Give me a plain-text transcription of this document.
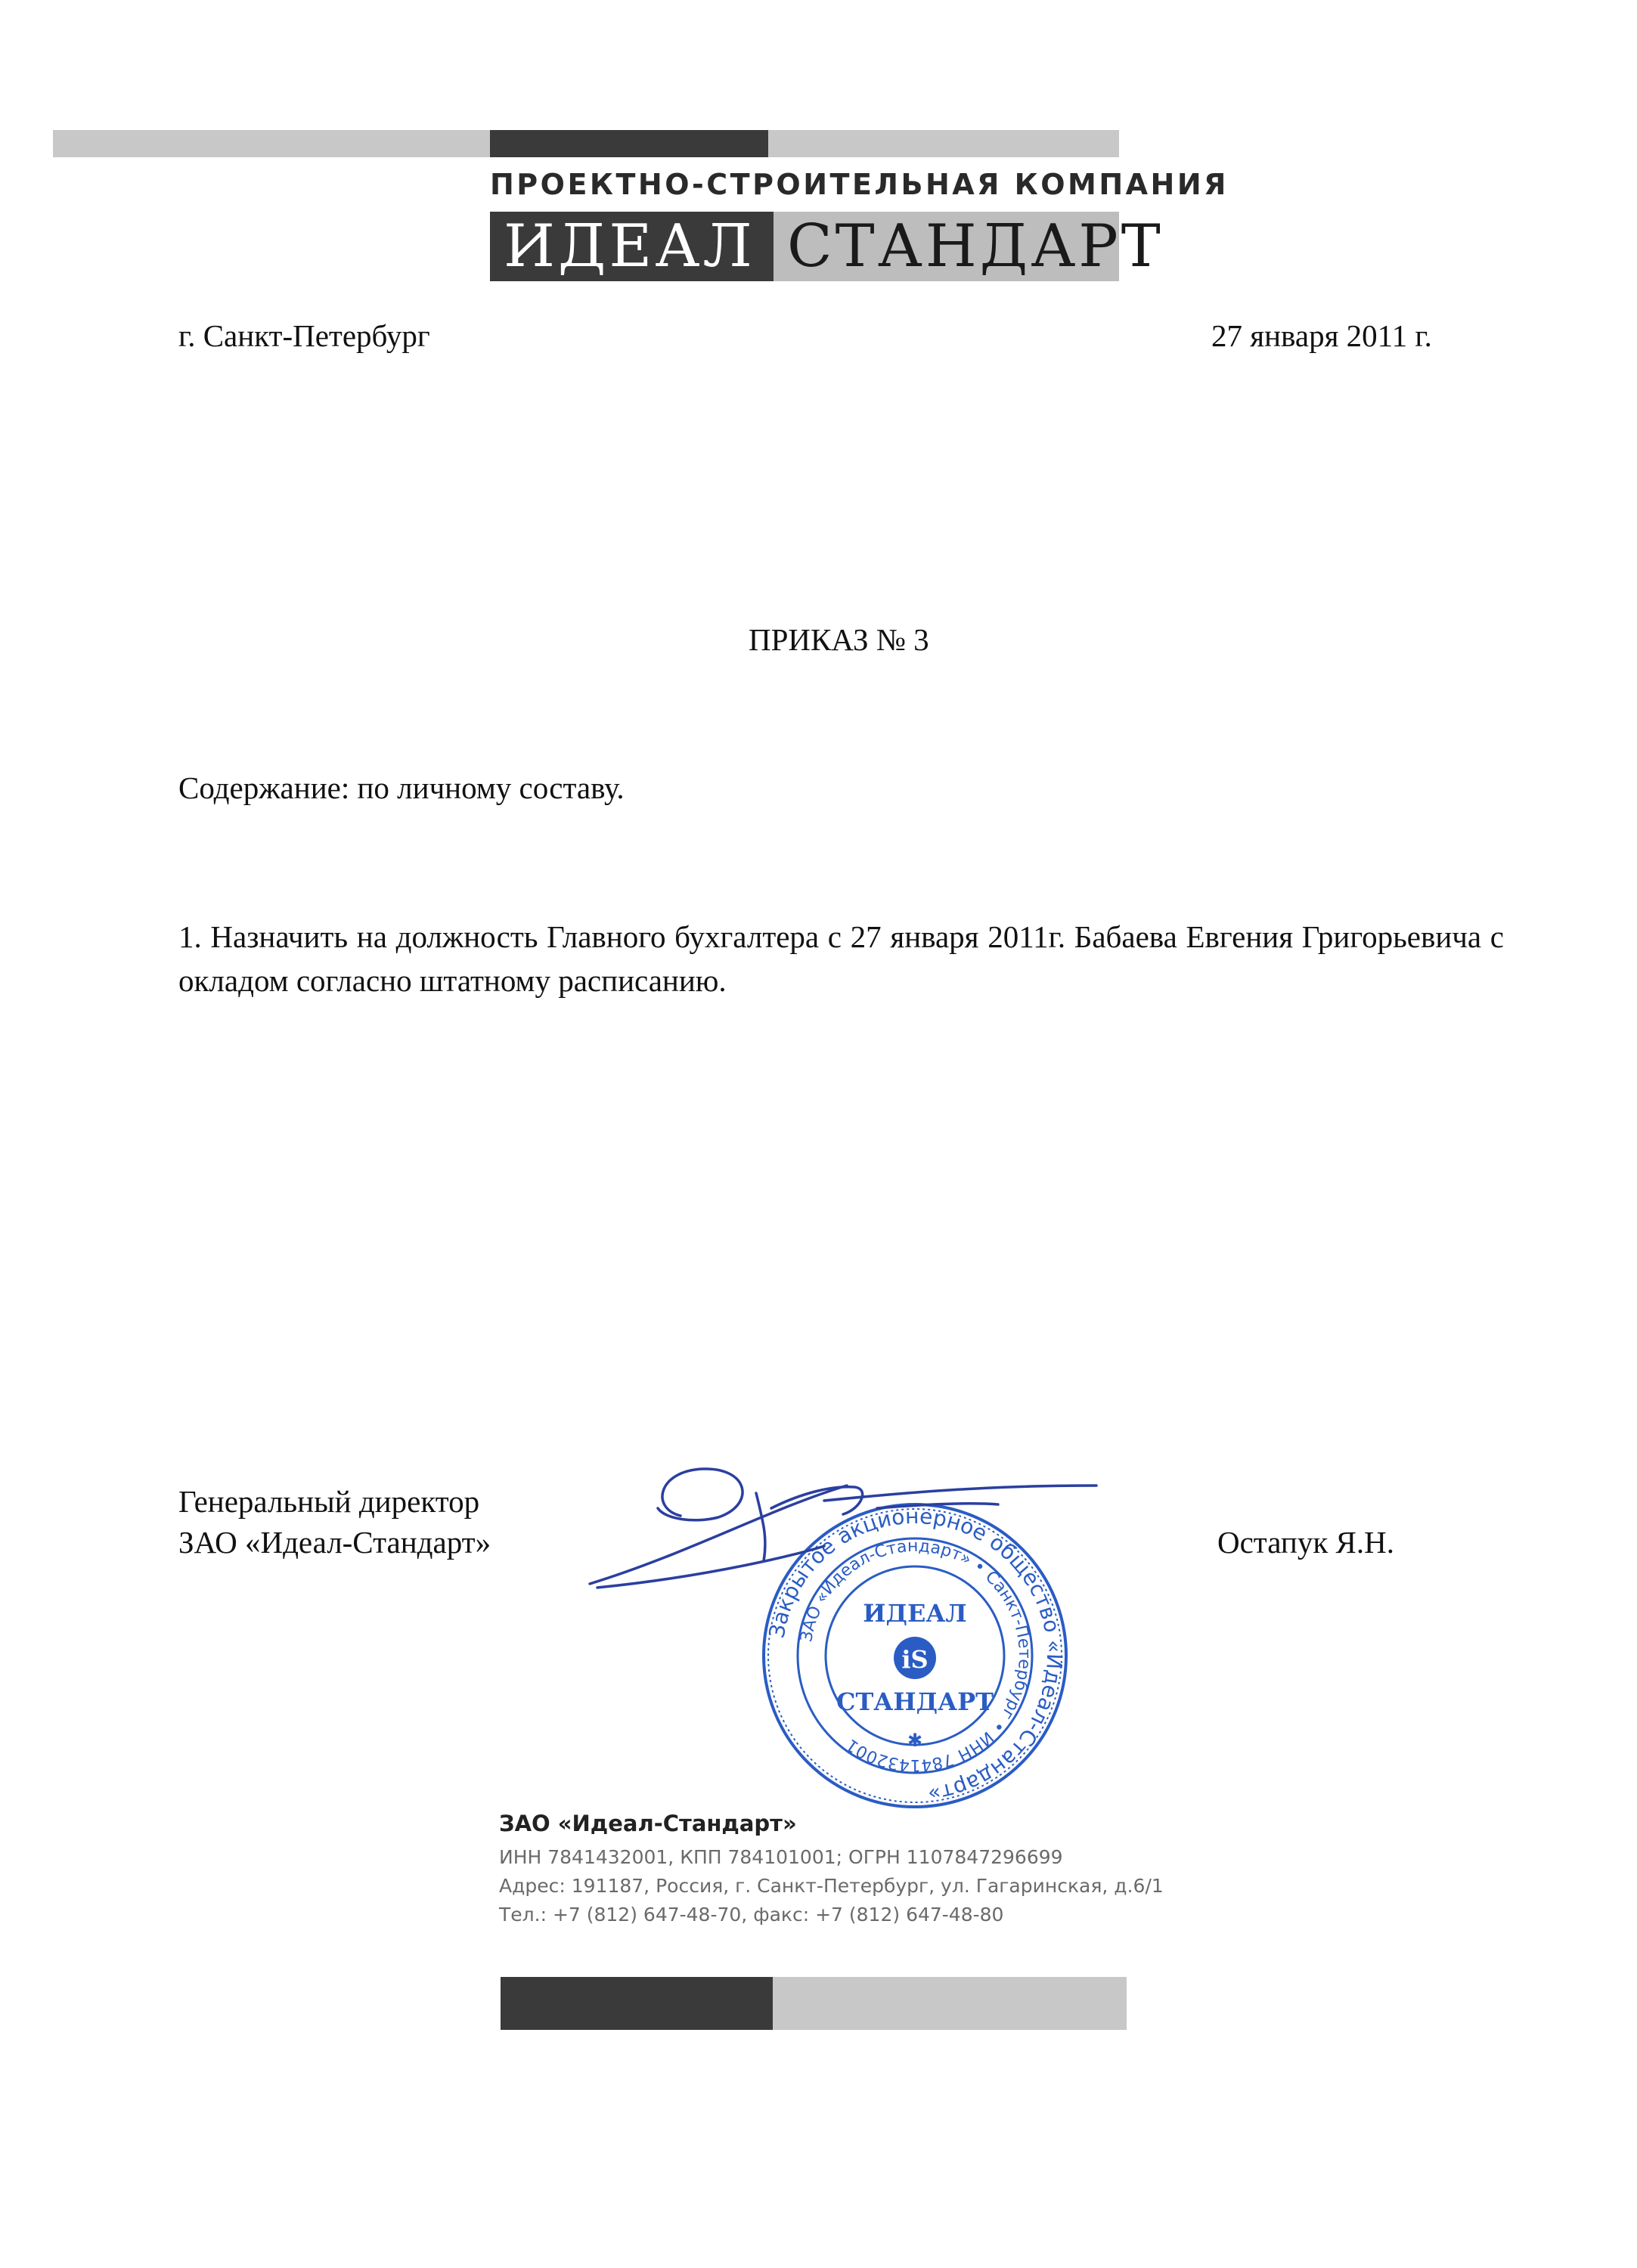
ПРОЕКТНО-СТРОИТЕЛЬНАЯ КОМПАНИЯ
ИДЕАЛ СТАНДАРТ
г. Санкт-Петербург	27 января 2011 г.
ПРИКАЗ № 3
Содержание: по личному составу.
1. Назначить на должность Главного бухгалтера с 27 января 2011г. Бабаева Евгения Григорьевича с окладом согласно штатному расписанию.
Генеральный директор
ЗАО «Идеал-Стандарт»	Остапук Я.Н.
Закрытое акционерное общество «Идеал-Стандарт»
ЗАО «Идеал-Стандарт» • Санкт-Петербург • ИНН 7841432001
ИДЕАЛ
iS
СТАНДАРТ
✱
ЗАО «Идеал-Стандарт»
ИНН 7841432001, КПП 784101001; ОГРН 1107847296699
Адрес: 191187, Россия, г. Санкт-Петербург, ул. Гагаринская, д.6/1
Тел.: +7 (812) 647-48-70, факс: +7 (812) 647-48-80
